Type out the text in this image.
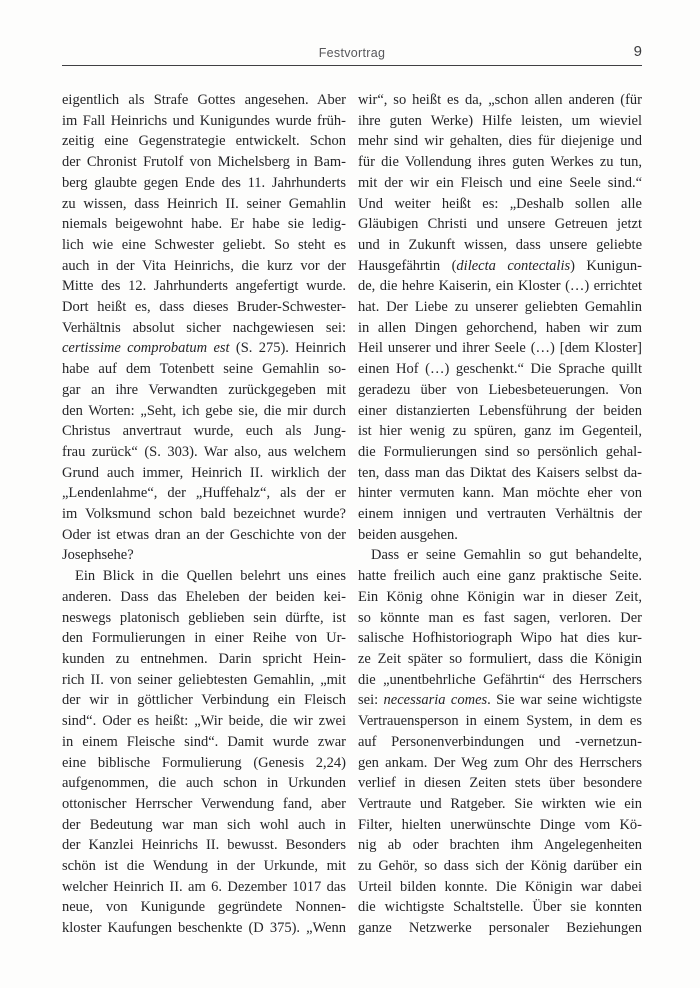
Festvortrag	9
eigentlich als Strafe Gottes angesehen. Aber
im Fall Heinrichs und Kunigundes wurde früh-
zeitig eine Gegenstrategie entwickelt. Schon
der Chronist Frutolf von Michelsberg in Bam-
berg glaubte gegen Ende des 11. Jahrhunderts
zu wissen, dass Heinrich II. seiner Gemahlin
niemals beigewohnt habe. Er habe sie ledig-
lich wie eine Schwester geliebt. So steht es
auch in der Vita Heinrichs, die kurz vor der
Mitte des 12. Jahrhunderts angefertigt wurde.
Dort heißt es, dass dieses Bruder-Schwester-
Verhältnis absolut sicher nachgewiesen sei:
certissime comprobatum est (S. 275). Heinrich
habe auf dem Totenbett seine Gemahlin so-
gar an ihre Verwandten zurückgegeben mit
den Worten: „Seht, ich gebe sie, die mir durch
Christus anvertraut wurde, euch als Jung-
frau zurück“ (S. 303). War also, aus welchem
Grund auch immer, Heinrich II. wirklich der
„Lendenlahme“, der „Huffehalz“, als der er
im Volksmund schon bald bezeichnet wurde?
Oder ist etwas dran an der Geschichte von der
Josephsehe?
Ein Blick in die Quellen belehrt uns eines
anderen. Dass das Eheleben der beiden kei-
neswegs platonisch geblieben sein dürfte, ist
den Formulierungen in einer Reihe von Ur-
kunden zu entnehmen. Darin spricht Hein-
rich II. von seiner geliebtesten Gemahlin, „mit
der wir in göttlicher Verbindung ein Fleisch
sind“. Oder es heißt: „Wir beide, die wir zwei
in einem Fleische sind“. Damit wurde zwar
eine biblische Formulierung (Genesis 2,24)
aufgenommen, die auch schon in Urkunden
ottonischer Herrscher Verwendung fand, aber
der Bedeutung war man sich wohl auch in
der Kanzlei Heinrichs II. bewusst. Besonders
schön ist die Wendung in der Urkunde, mit
welcher Heinrich II. am 6. Dezember 1017 das
neue, von Kunigunde gegründete Nonnen-
kloster Kaufungen beschenkte (D 375). „Wenn
wir“, so heißt es da, „schon allen anderen (für
ihre guten Werke) Hilfe leisten, um wieviel
mehr sind wir gehalten, dies für diejenige und
für die Vollendung ihres guten Werkes zu tun,
mit der wir ein Fleisch und eine Seele sind.“
Und weiter heißt es: „Deshalb sollen alle
Gläubigen Christi und unsere Getreuen jetzt
und in Zukunft wissen, dass unsere geliebte
Hausgefährtin (dilecta contectalis) Kunigun-
de, die hehre Kaiserin, ein Kloster (…) errichtet
hat. Der Liebe zu unserer geliebten Gemahlin
in allen Dingen gehorchend, haben wir zum
Heil unserer und ihrer Seele (…) [dem Kloster]
einen Hof (…) geschenkt.“ Die Sprache quillt
geradezu über von Liebesbeteuerungen. Von
einer distanzierten Lebensführung der beiden
ist hier wenig zu spüren, ganz im Gegenteil,
die Formulierungen sind so persönlich gehal-
ten, dass man das Diktat des Kaisers selbst da-
hinter vermuten kann. Man möchte eher von
einem innigen und vertrauten Verhältnis der
beiden ausgehen.
Dass er seine Gemahlin so gut behandelte,
hatte freilich auch eine ganz praktische Seite.
Ein König ohne Königin war in dieser Zeit,
so könnte man es fast sagen, verloren. Der
salische Hofhistoriograph Wipo hat dies kur-
ze Zeit später so formuliert, dass die Königin
die „unentbehrliche Gefährtin“ des Herrschers
sei: necessaria comes. Sie war seine wichtigste
Vertrauensperson in einem System, in dem es
auf Personenverbindungen und -vernetzun-
gen ankam. Der Weg zum Ohr des Herrschers
verlief in diesen Zeiten stets über besondere
Vertraute und Ratgeber. Sie wirkten wie ein
Filter, hielten unerwünschte Dinge vom Kö-
nig ab oder brachten ihm Angelegenheiten
zu Gehör, so dass sich der König darüber ein
Urteil bilden konnte. Die Königin war dabei
die wichtigste Schaltstelle. Über sie konnten
ganze Netzwerke personaler Beziehungen
